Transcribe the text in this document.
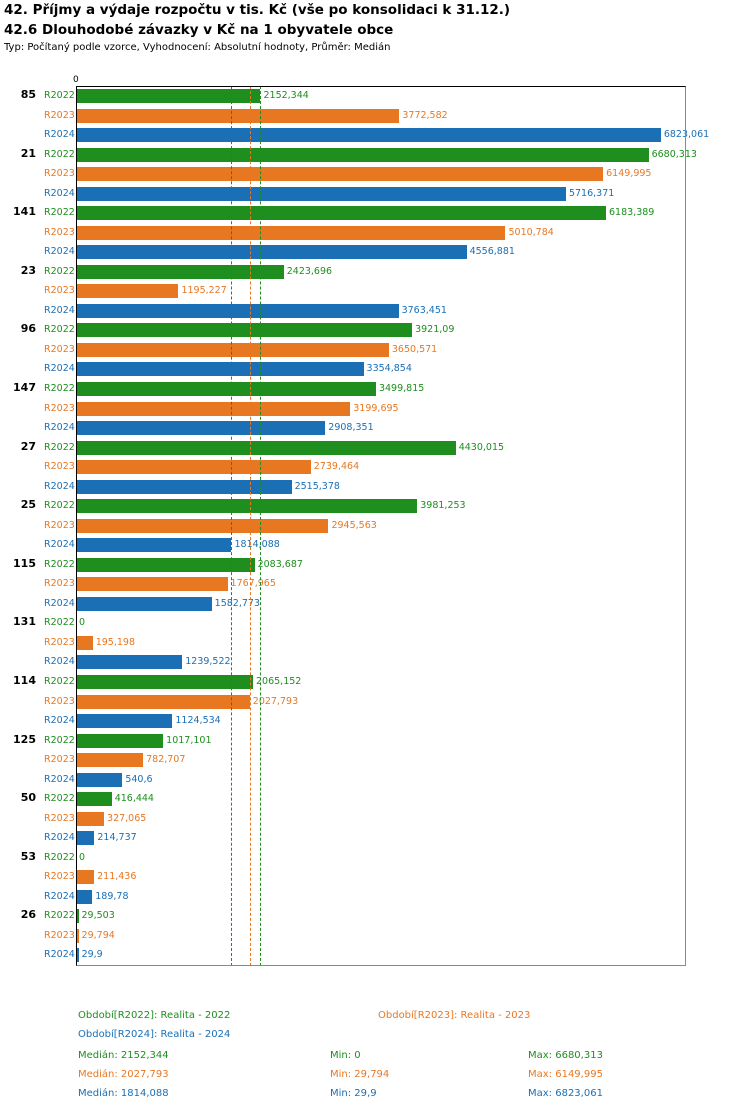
42. Příjmy a výdaje rozpočtu v tis. Kč (vše po konsolidaci k 31.12.)
42.6 Dlouhodobé závazky v Kč na 1 obyvatele obce
Typ: Počítaný podle vzorce, Vyhodnocení: Absolutní hodnoty, Průměr: Medián
0
85 R2022	2152,344
R2023	3772,582
R2024	6823,061
21 R2022	6680,313
R2023	6149,995
R2024	5716,371
141 R2022	6183,389
R2023	5010,784
R2024	4556,881
23 R2022	2423,696
R2023	1195,227
R2024	3763,451
96 R2022	3921,09
R2023	3650,571
R2024	3354,854
147 R2022	3499,815
R2023	3199,695
R2024	2908,351
27 R2022	4430,015
R2023	2739,464
R2024	2515,378
25 R2022	3981,253
R2023	2945,563
R2024	1814,088
115 R2022	2083,687
R2023	1767,965
R2024	1582,773
131 R2022 0
R2023 195,198
R2024	1239,522
114 R2022	2065,152
R2023	2027,793
R2024	1124,534
125 R2022	1017,101
R2023	782,707
R2024	540,6
50 R2022	416,444
R2023	327,065
R2024 214,737
53 R2022 0
R2023 211,436
R2024 189,78
26 R2022 29,503
R2023 29,794
R2024 29,9
Období[R2022]: Realita - 2022	Období[R2023]: Realita - 2023
Období[R2024]: Realita - 2024
Medián: 2152,344	Min: 0	Max: 6680,313
Medián: 2027,793	Min: 29,794	Max: 6149,995
Medián: 1814,088	Min: 29,9	Max: 6823,061
